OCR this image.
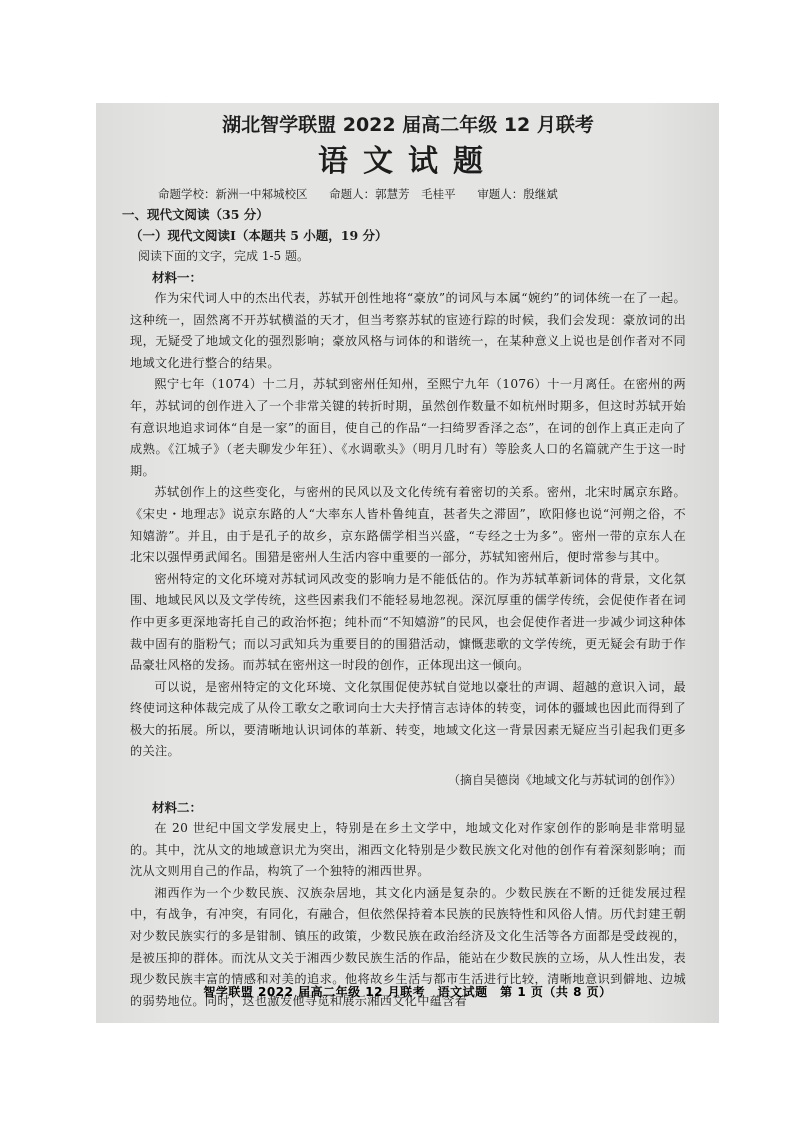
湖北智学联盟 2022 届高二年级 12 月联考
语文试题
命题学校：新洲一中邾城校区 命题人：郭慧芳　毛桂平 审题人：殷继斌
一、现代文阅读（35 分）
（一）现代文阅读Ⅰ（本题共 5 小题，19 分）
阅读下面的文字，完成 1-5 题。
材料一：

作为宋代词人中的杰出代表，苏轼开创性地将“豪放”的词风与本属“婉约”的词体统一在了一起。这种统一，固然离不开苏轼横溢的天才，但当考察苏轼的宦迹行踪的时候，我们会发现：豪放词的出现，无疑受了地域文化的强烈影响；豪放风格与词体的和谐统一，在某种意义上说也是创作者对不同地域文化进行整合的结果。

熙宁七年（1074）十二月，苏轼到密州任知州，至熙宁九年（1076）十一月离任。在密州的两年，苏轼词的创作进入了一个非常关键的转折时期，虽然创作数量不如杭州时期多，但这时苏轼开始有意识地追求词体“自是一家”的面目，使自己的作品“一扫绮罗香泽之态”，在词的创作上真正走向了成熟。《江城子》（老夫聊发少年狂）、《水调歌头》（明月几时有）等脍炙人口的名篇就产生于这一时期。

苏轼创作上的这些变化，与密州的民风以及文化传统有着密切的关系。密州，北宋时属京东路。《宋史・地理志》说京东路的人“大率东人皆朴鲁纯直，甚者失之滞固”，欧阳修也说“河朔之俗，不知嬉游”。并且，由于是孔子的故乡，京东路儒学相当兴盛，“专经之士为多”。密州一带的京东人在北宋以强悍勇武闻名。围猎是密州人生活内容中重要的一部分，苏轼知密州后，便时常参与其中。

密州特定的文化环境对苏轼词风改变的影响力是不能低估的。作为苏轼革新词体的背景，文化氛围、地域民风以及文学传统，这些因素我们不能轻易地忽视。深沉厚重的儒学传统，会促使作者在词作中更多更深地寄托自己的政治怀抱；纯朴而“不知嬉游”的民风，也会促使作者进一步减少词这种体裁中固有的脂粉气；而以习武知兵为重要目的的围猎活动，慷慨悲歌的文学传统，更无疑会有助于作品豪壮风格的发扬。而苏轼在密州这一时段的创作，正体现出这一倾向。

可以说，是密州特定的文化环境、文化氛围促使苏轼自觉地以豪壮的声调、超越的意识入词，最终使词这种体裁完成了从伶工歌女之歌词向士大夫抒情言志诗体的转变，词体的疆域也因此而得到了极大的拓展。所以，要清晰地认识词体的革新、转变，地域文化这一背景因素无疑应当引起我们更多的关注。

（摘自吴德岗《地域文化与苏轼词的创作》）
材料二：

在 20 世纪中国文学发展史上，特别是在乡土文学中，地域文化对作家创作的影响是非常明显的。其中，沈从文的地域意识尤为突出，湘西文化特别是少数民族文化对他的创作有着深刻影响；而沈从文则用自己的作品，构筑了一个独特的湘西世界。

湘西作为一个少数民族、汉族杂居地，其文化内涵是复杂的。少数民族在不断的迁徙发展过程中，有战争，有冲突，有同化，有融合，但依然保持着本民族的民族特性和风俗人情。历代封建王朝对少数民族实行的多是钳制、镇压的政策，少数民族在政治经济及文化生活等各方面都是受歧视的，是被压抑的群体。而沈从文关于湘西少数民族生活的作品，能站在少数民族的立场，从人性出发，表现少数民族丰富的情感和对美的追求。他将故乡生活与都市生活进行比较，清晰地意识到僻地、边城的弱势地位。同时，这也激发他寻觅和展示湘西文化中蕴含着

智学联盟 2022 届高二年级 12 月联考　语文试题　第 1 页（共 8 页）
